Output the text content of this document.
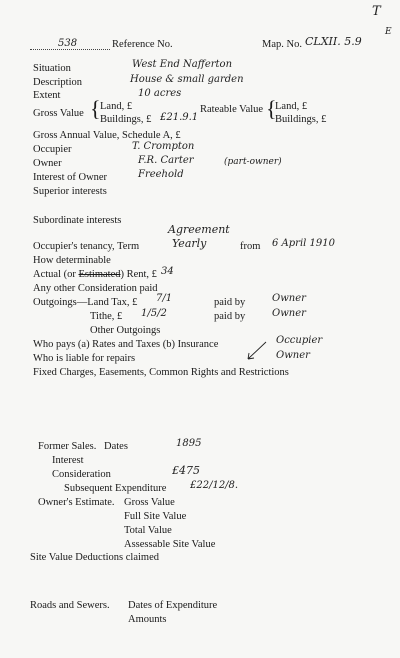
538	Reference No.	Map. No. CLXII. 5.9
T
E
Situation	West End Nafferton
Description	House & small garden
Extent	10 acres
Gross Value { Land, £
Buildings, £ £21.9.1
Rateable Value {
Land, £
Buildings, £
Gross Annual Value, Schedule A, £
Occupier	T. Crompton
Owner	F.R. Carter	(part-owner)
Interest of Owner	Freehold
Superior interests
Subordinate interests
Agreement
Occupier's tenancy, Term	Yearly	from 6 April 1910
How determinable
Actual (or Estimated) Rent, £ 34
Any other Consideration paid
Outgoings—Land Tax, £ 7/1	paid by	Owner
Tithe, £ 1/5/2	paid by	Owner
Other Outgoings
Who pays (a) Rates and Taxes (b) Insurance	Occupier
Who is liable for repairs	Owner
Fixed Charges, Easements, Common Rights and Restrictions
Former Sales. Dates	1895
Interest
Consideration	£475
Subsequent Expenditure £22/12/8.
Owner's Estimate. Gross Value
Full Site Value
Total Value
Assessable Site Value
Site Value Deductions claimed
Roads and Sewers. Dates of Expenditure
Amounts
